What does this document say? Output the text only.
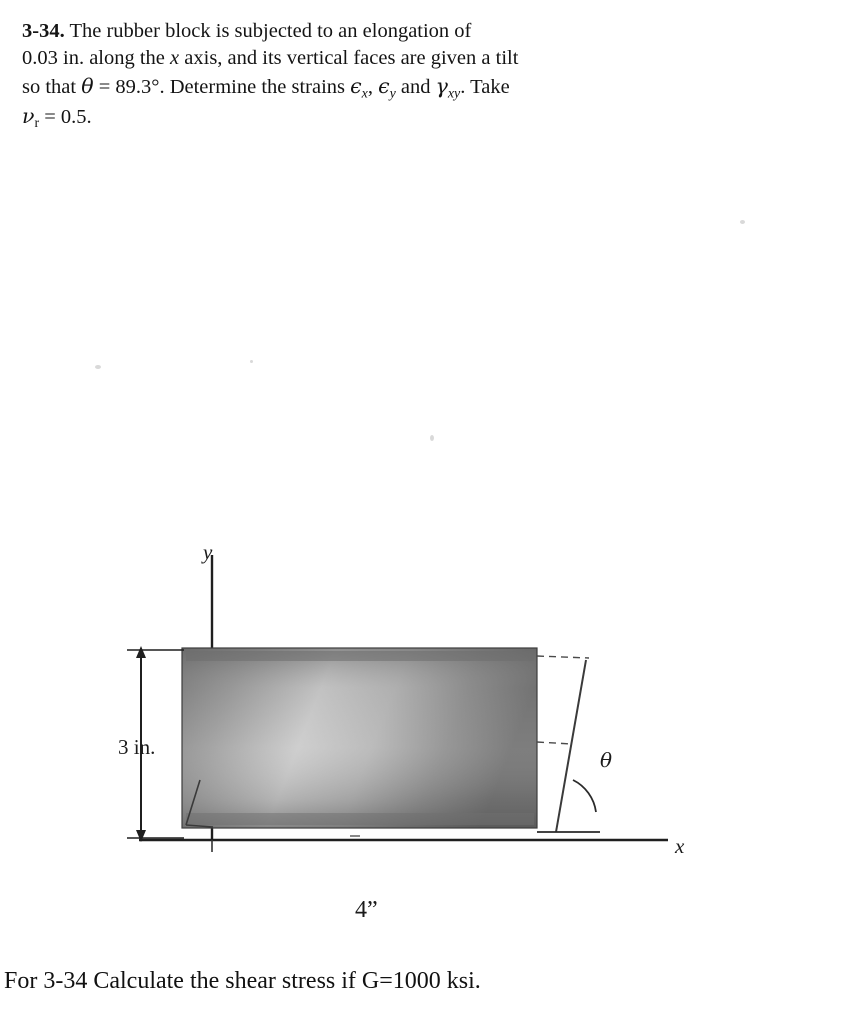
3-34. The rubber block is subjected to an elongation of
0.03 in. along the x axis, and its vertical faces are given a tilt
so that θ = 89.3°. Determine the strains $\epsilon_x$, $\epsilon_y$ and $\gamma_{xy}$. Take
$\nu_r = 0.5$.
3 in.
4”
y
x
θ
For 3-34 Calculate the shear stress if G=1000 ksi.
